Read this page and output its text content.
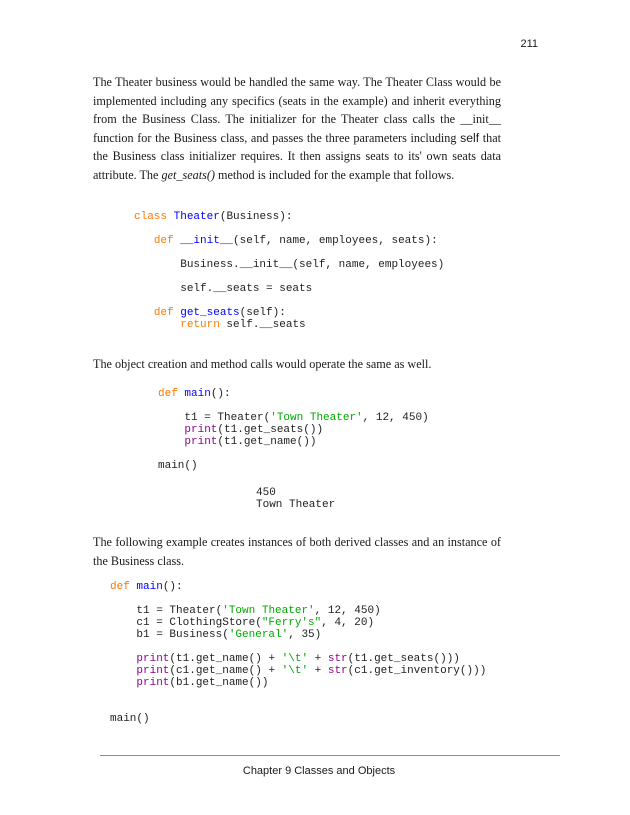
211

The Theater business would be handled the same way. The Theater Class would be implemented including any specifics (seats in the example) and inherit everything from the Business Class. The initializer for the Theater class calls the __init__ function for the Business class, and passes the three parameters including self that the Business class initializer requires. It then assigns seats to its' own seats data attribute. The get_seats() method is included for the example that follows.

class Theater(Business):

def __init__(self, name, employees, seats):

Business.__init__(self, name, employees)

self.__seats = seats

def get_seats(self):
return self.__seats

The object creation and method calls would operate the same as well.

def main():

t1 = Theater('Town Theater', 12, 450)
print(t1.get_seats())
print(t1.get_name())

main()
450
Town Theater

The following example creates instances of both derived classes and an instance of the Business class.

def main():

t1 = Theater('Town Theater', 12, 450)
c1 = ClothingStore("Ferry's", 4, 20)
b1 = Business('General', 35)

print(t1.get_name() + '\t' + str(t1.get_seats()))
print(c1.get_name() + '\t' + str(c1.get_inventory()))
print(b1.get_name())

main()
Chapter 9 Classes and Objects
